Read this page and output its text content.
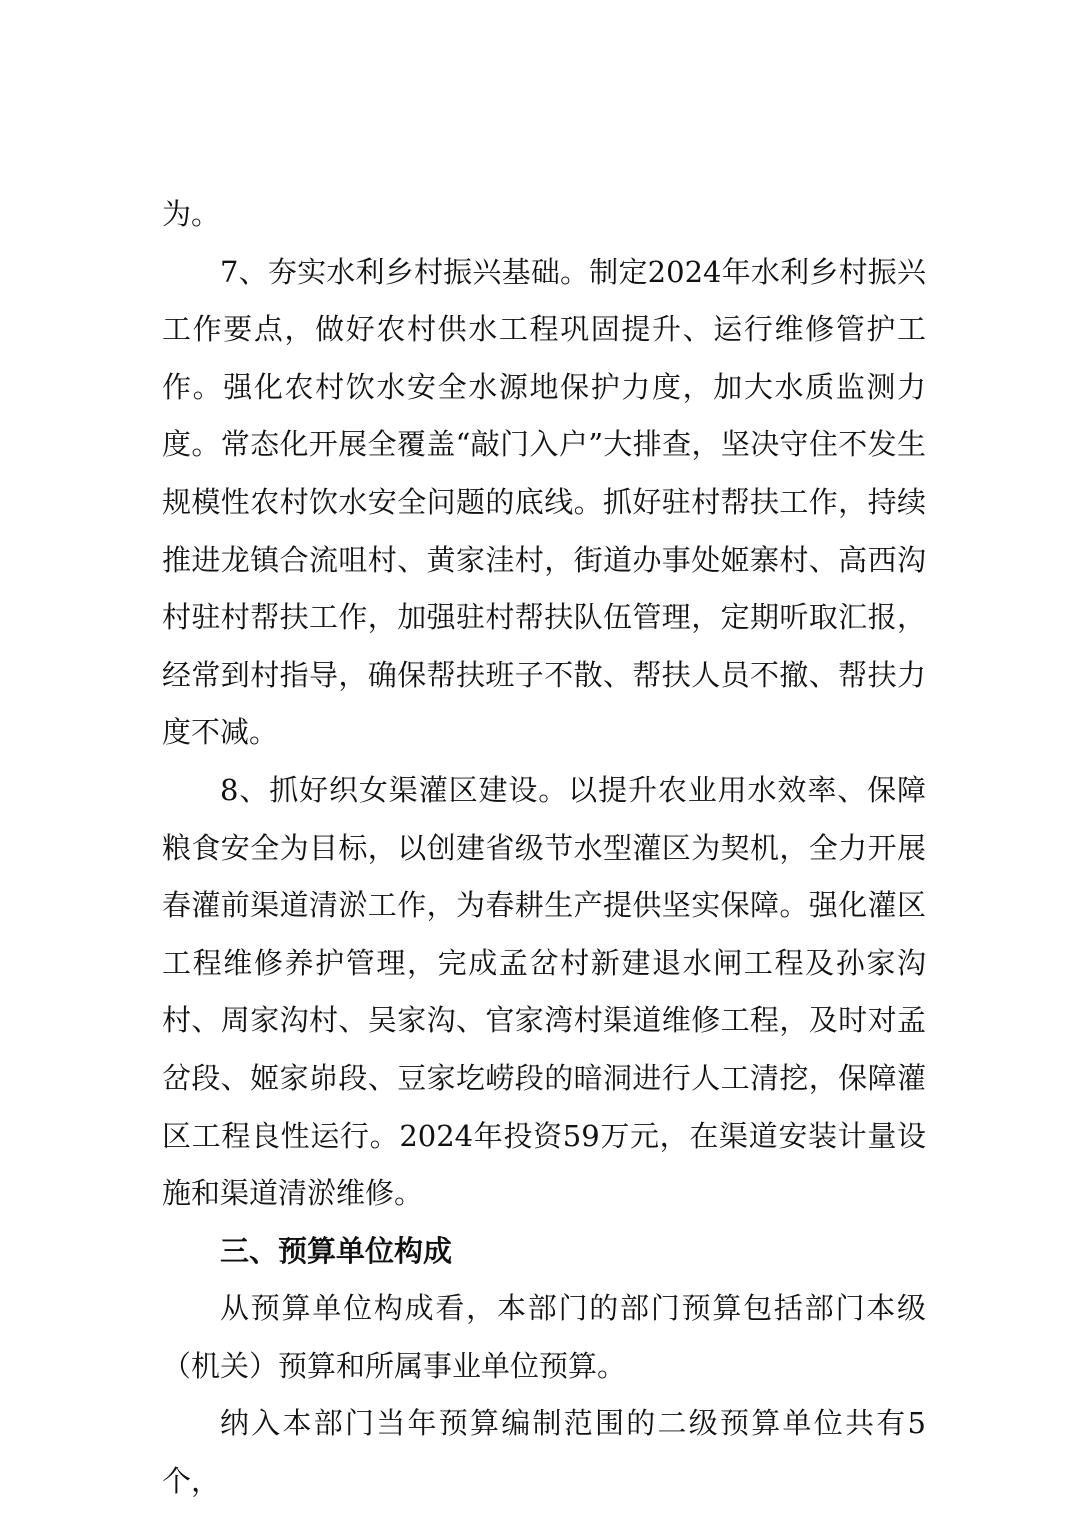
为。

7、夯实水利乡村振兴基础。制定2024年水利乡村振兴工作要点，做好农村供水工程巩固提升、运行维修管护工作。强化农村饮水安全水源地保护力度，加大水质监测力度。常态化开展全覆盖“敲门入户”大排查，坚决守住不发生规模性农村饮水安全问题的底线。抓好驻村帮扶工作，持续推进龙镇合流咀村、黄家洼村，街道办事处姬寨村、高西沟村驻村帮扶工作，加强驻村帮扶队伍管理，定期听取汇报，经常到村指导，确保帮扶班子不散、帮扶人员不撤、帮扶力度不减。

8、抓好织女渠灌区建设。以提升农业用水效率、保障粮食安全为目标，以创建省级节水型灌区为契机，全力开展春灌前渠道清淤工作，为春耕生产提供坚实保障。强化灌区工程维修养护管理，完成孟岔村新建退水闸工程及孙家沟村、周家沟村、吴家沟、官家湾村渠道维修工程，及时对孟岔段、姬家峁段、豆家圪崂段的暗洞进行人工清挖，保障灌区工程良性运行。2024年投资59万元，在渠道安装计量设施和渠道清淤维修。

三、预算单位构成

从预算单位构成看，本部门的部门预算包括部门本级（机关）预算和所属事业单位预算。

纳入本部门当年预算编制范围的二级预算单位共有5个，
